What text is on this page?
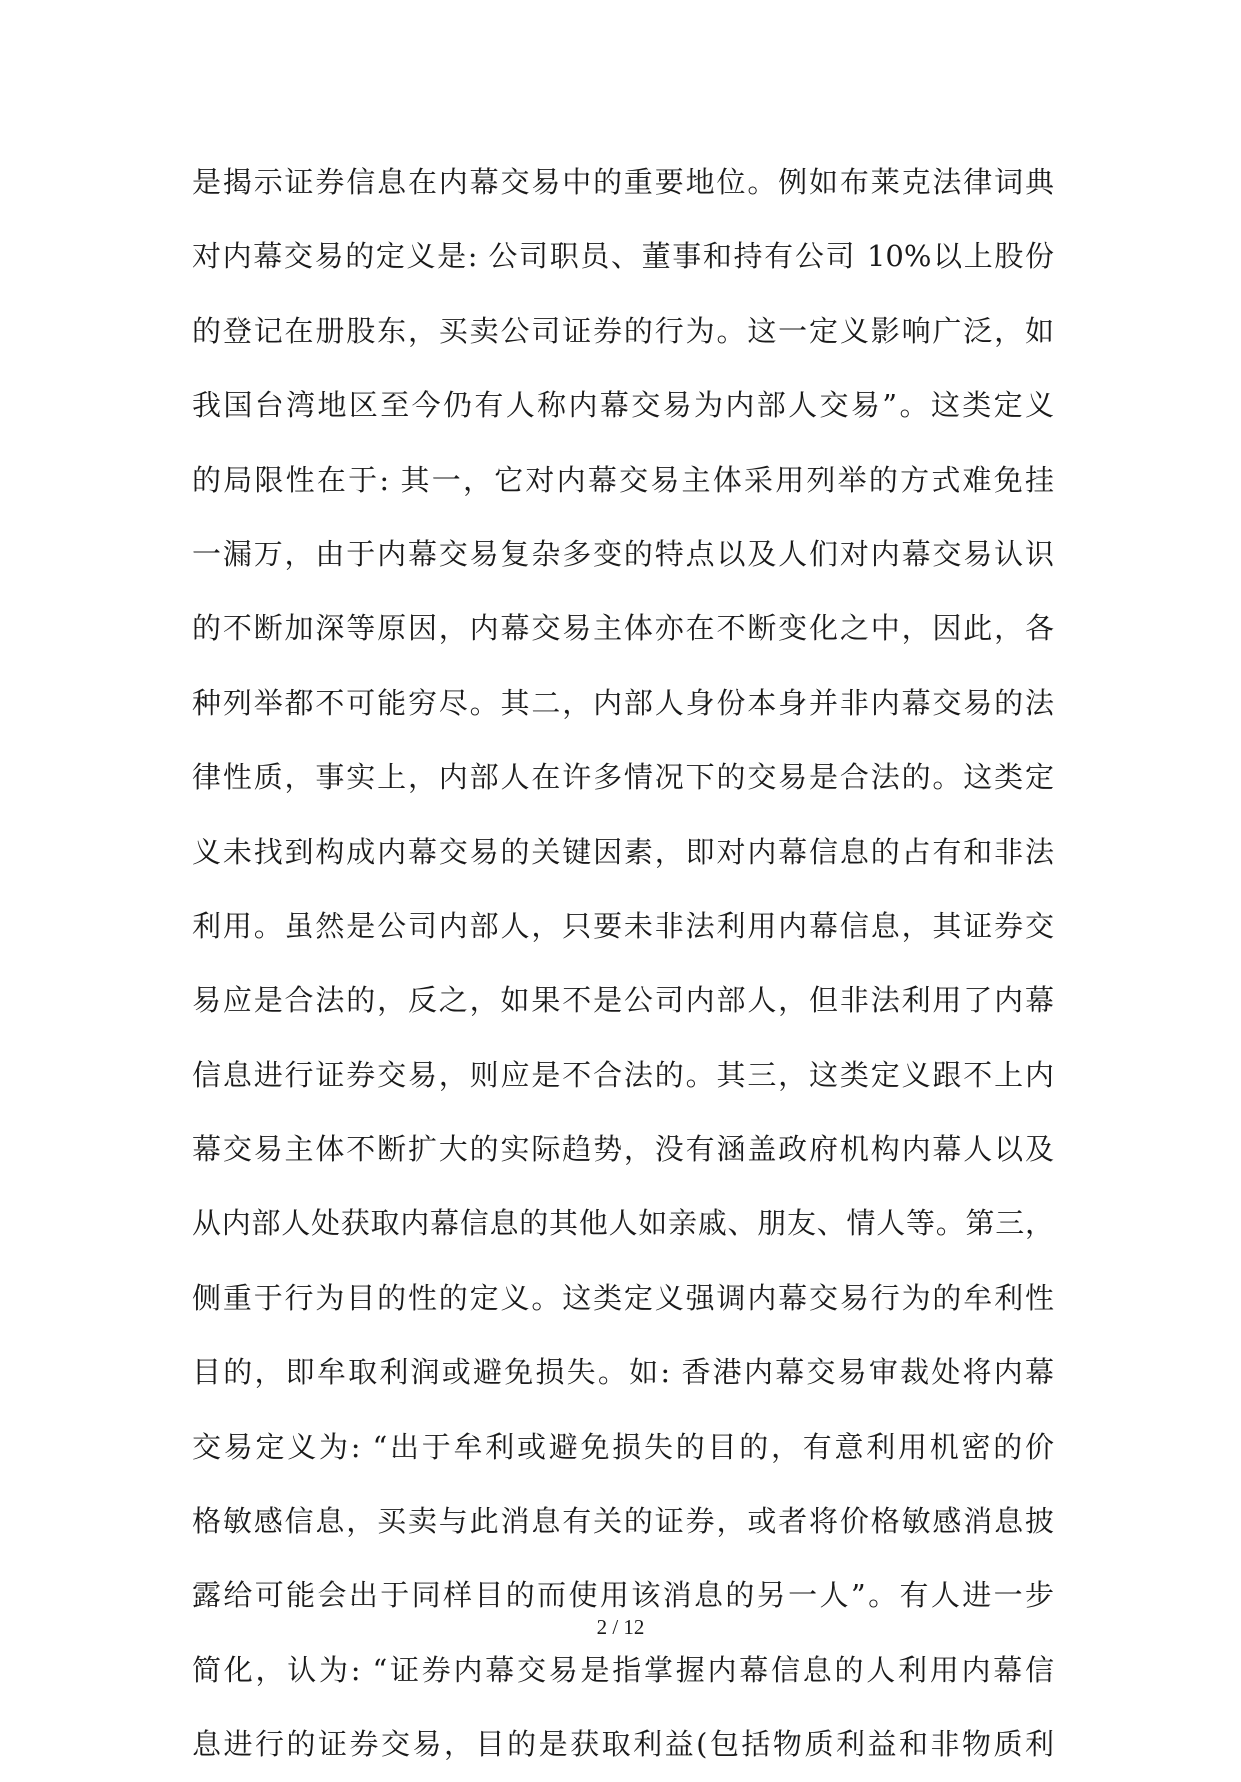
是揭示证券信息在内幕交易中的重要地位。例如布莱克法律词典
对内幕交易的定义是: 公司职员、董事和持有公司 10%以上股份
的登记在册股东，买卖公司证券的行为。这一定义影响广泛，如
我国台湾地区至今仍有人称内幕交易为内部人交易”。这类定义
的局限性在于: 其一，它对内幕交易主体采用列举的方式难免挂
一漏万，由于内幕交易复杂多变的特点以及人们对内幕交易认识
的不断加深等原因，内幕交易主体亦在不断变化之中，因此，各
种列举都不可能穷尽。其二，内部人身份本身并非内幕交易的法
律性质，事实上，内部人在许多情况下的交易是合法的。这类定
义未找到构成内幕交易的关键因素，即对内幕信息的占有和非法
利用。虽然是公司内部人，只要未非法利用内幕信息，其证券交
易应是合法的，反之，如果不是公司内部人，但非法利用了内幕
信息进行证券交易，则应是不合法的。其三，这类定义跟不上内
幕交易主体不断扩大的实际趋势，没有涵盖政府机构内幕人以及
从内部人处获取内幕信息的其他人如亲戚、朋友、情人等。第三，
侧重于行为目的性的定义。这类定义强调内幕交易行为的牟利性
目的，即牟取利润或避免损失。如: 香港内幕交易审裁处将内幕
交易定义为: “出于牟利或避免损失的目的，有意利用机密的价
格敏感信息，买卖与此消息有关的证券，或者将价格敏感消息披
露给可能会出于同样目的而使用该消息的另一人”。有人进一步
简化，认为: “证券内幕交易是指掌握内幕信息的人利用内幕信
息进行的证券交易，目的是获取利益(包括物质利益和非物质利
2 / 12
